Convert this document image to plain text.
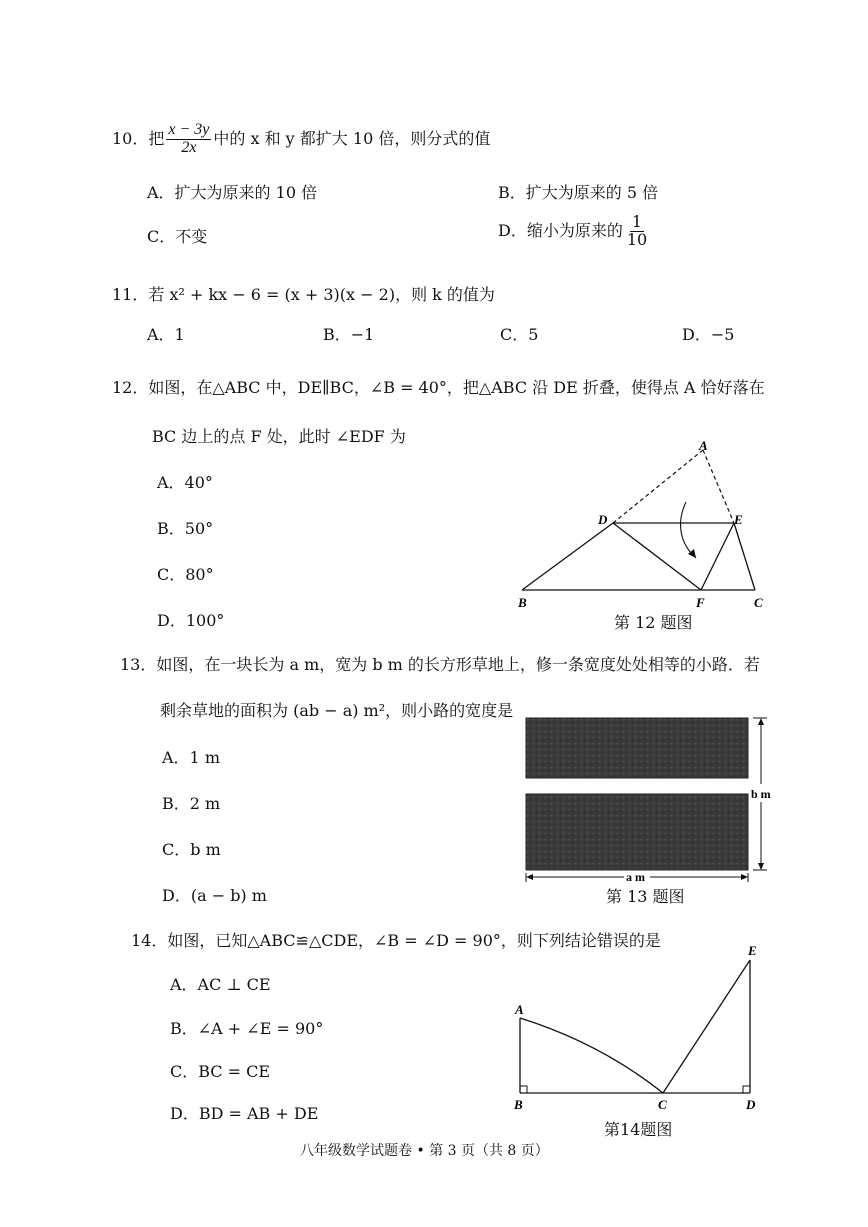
10．把 $\frac{x - 3y}{2x}$ 中的 x 和 y 都扩大 10 倍，则分式的值
A．扩大为原来的 10 倍	B．扩大为原来的 5 倍
C．不变	D．缩小为原来的 $\frac{1}{10}$
11．若 x² + kx − 6 = (x + 3)(x − 2)，则 k 的值为
A．1	B．−1	C．5	D．−5
12．如图，在△ABC 中，DE∥BC，∠B = 40°，把△ABC 沿 DE 折叠，使得点 A 恰好落在
BC 边上的点 F 处，此时 ∠EDF 为
A．40°
B．50°
C．80°
D．100°
A
D	E
B	F	C
第 12 题图
13．如图，在一块长为 a m，宽为 b m 的长方形草地上，修一条宽度处处相等的小路．若
剩余草地的面积为 (ab − a) m²，则小路的宽度是
A．1 m
B．2 m
C．b m
D．(a − b) m
b m
a m
第 13 题图
14．如图，已知△ABC≌△CDE，∠B = ∠D = 90°，则下列结论错误的是
A．AC ⊥ CE
B．∠A + ∠E = 90°
C．BC = CE
D．BD = AB + DE
A
B	C	D
E
第14题图
八年级数学试题卷 • 第 3 页（共 8 页）
